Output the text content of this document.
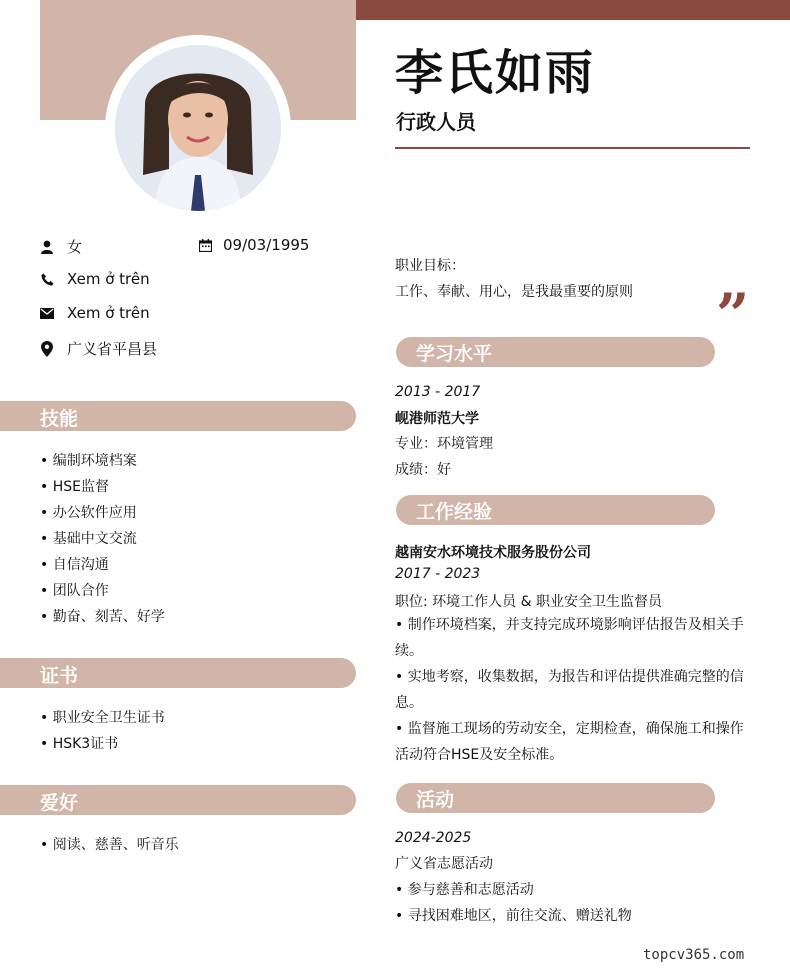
李氏如雨
行政人员
女	09/03/1995
Xem ở trên
Xem ở trên
广义省平昌县
技能
• 编制环境档案
• HSE监督
• 办公软件应用
• 基础中文交流
• 自信沟通
• 团队合作
• 勤奋、刻苦、好学
证书
• 职业安全卫生证书
• HSK3证书
爱好
• 阅读、慈善、听音乐
职业目标：
工作、奉献、用心，是我最重要的原则 ”
学习水平
2013 - 2017
岘港师范大学
专业：环境管理
成绩：好
工作经验
越南安水环境技术服务股份公司
2017 - 2023
职位: 环境工作人员 & 职业安全卫生监督员
• 制作环境档案，并支持完成环境影响评估报告及相关手续。
• 实地考察，收集数据，为报告和评估提供准确完整的信息。
• 监督施工现场的劳动安全，定期检查，确保施工和操作活动符合HSE及安全标准。
活动
2024-2025
广义省志愿活动
• 参与慈善和志愿活动
• 寻找困难地区，前往交流、赠送礼物
topcv365.com
